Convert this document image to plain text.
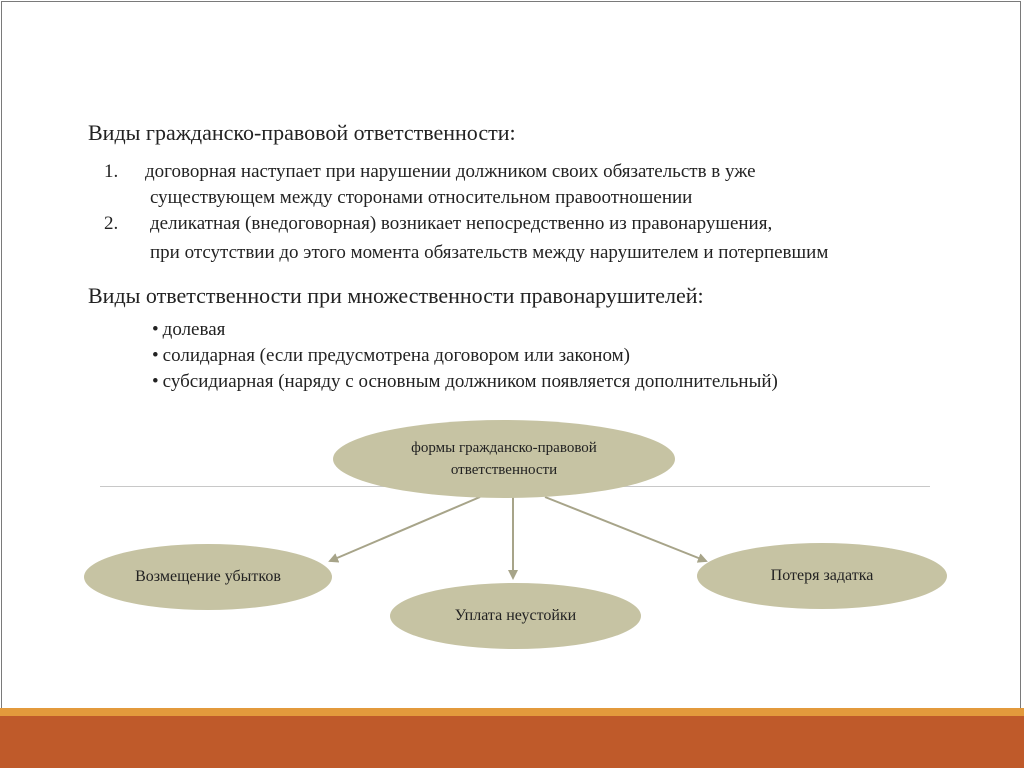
Виды гражданско-правовой ответственности:
1. договорная наступает при нарушении должником своих обязательств в уже
существующем между сторонами относительном правоотношении
2. деликатная (внедоговорная) возникает непосредственно из правонарушения,
при отсутствии до этого момента обязательств между нарушителем и потерпевшим
Виды ответственности при множественности правонарушителей:
• долевая
• солидарная (если предусмотрена договором или законом)
• субсидиарная (наряду с основным должником появляется дополнительный)
формы гражданско-правовой ответственности
Возмещение убытков
Уплата неустойки
Потеря задатка
